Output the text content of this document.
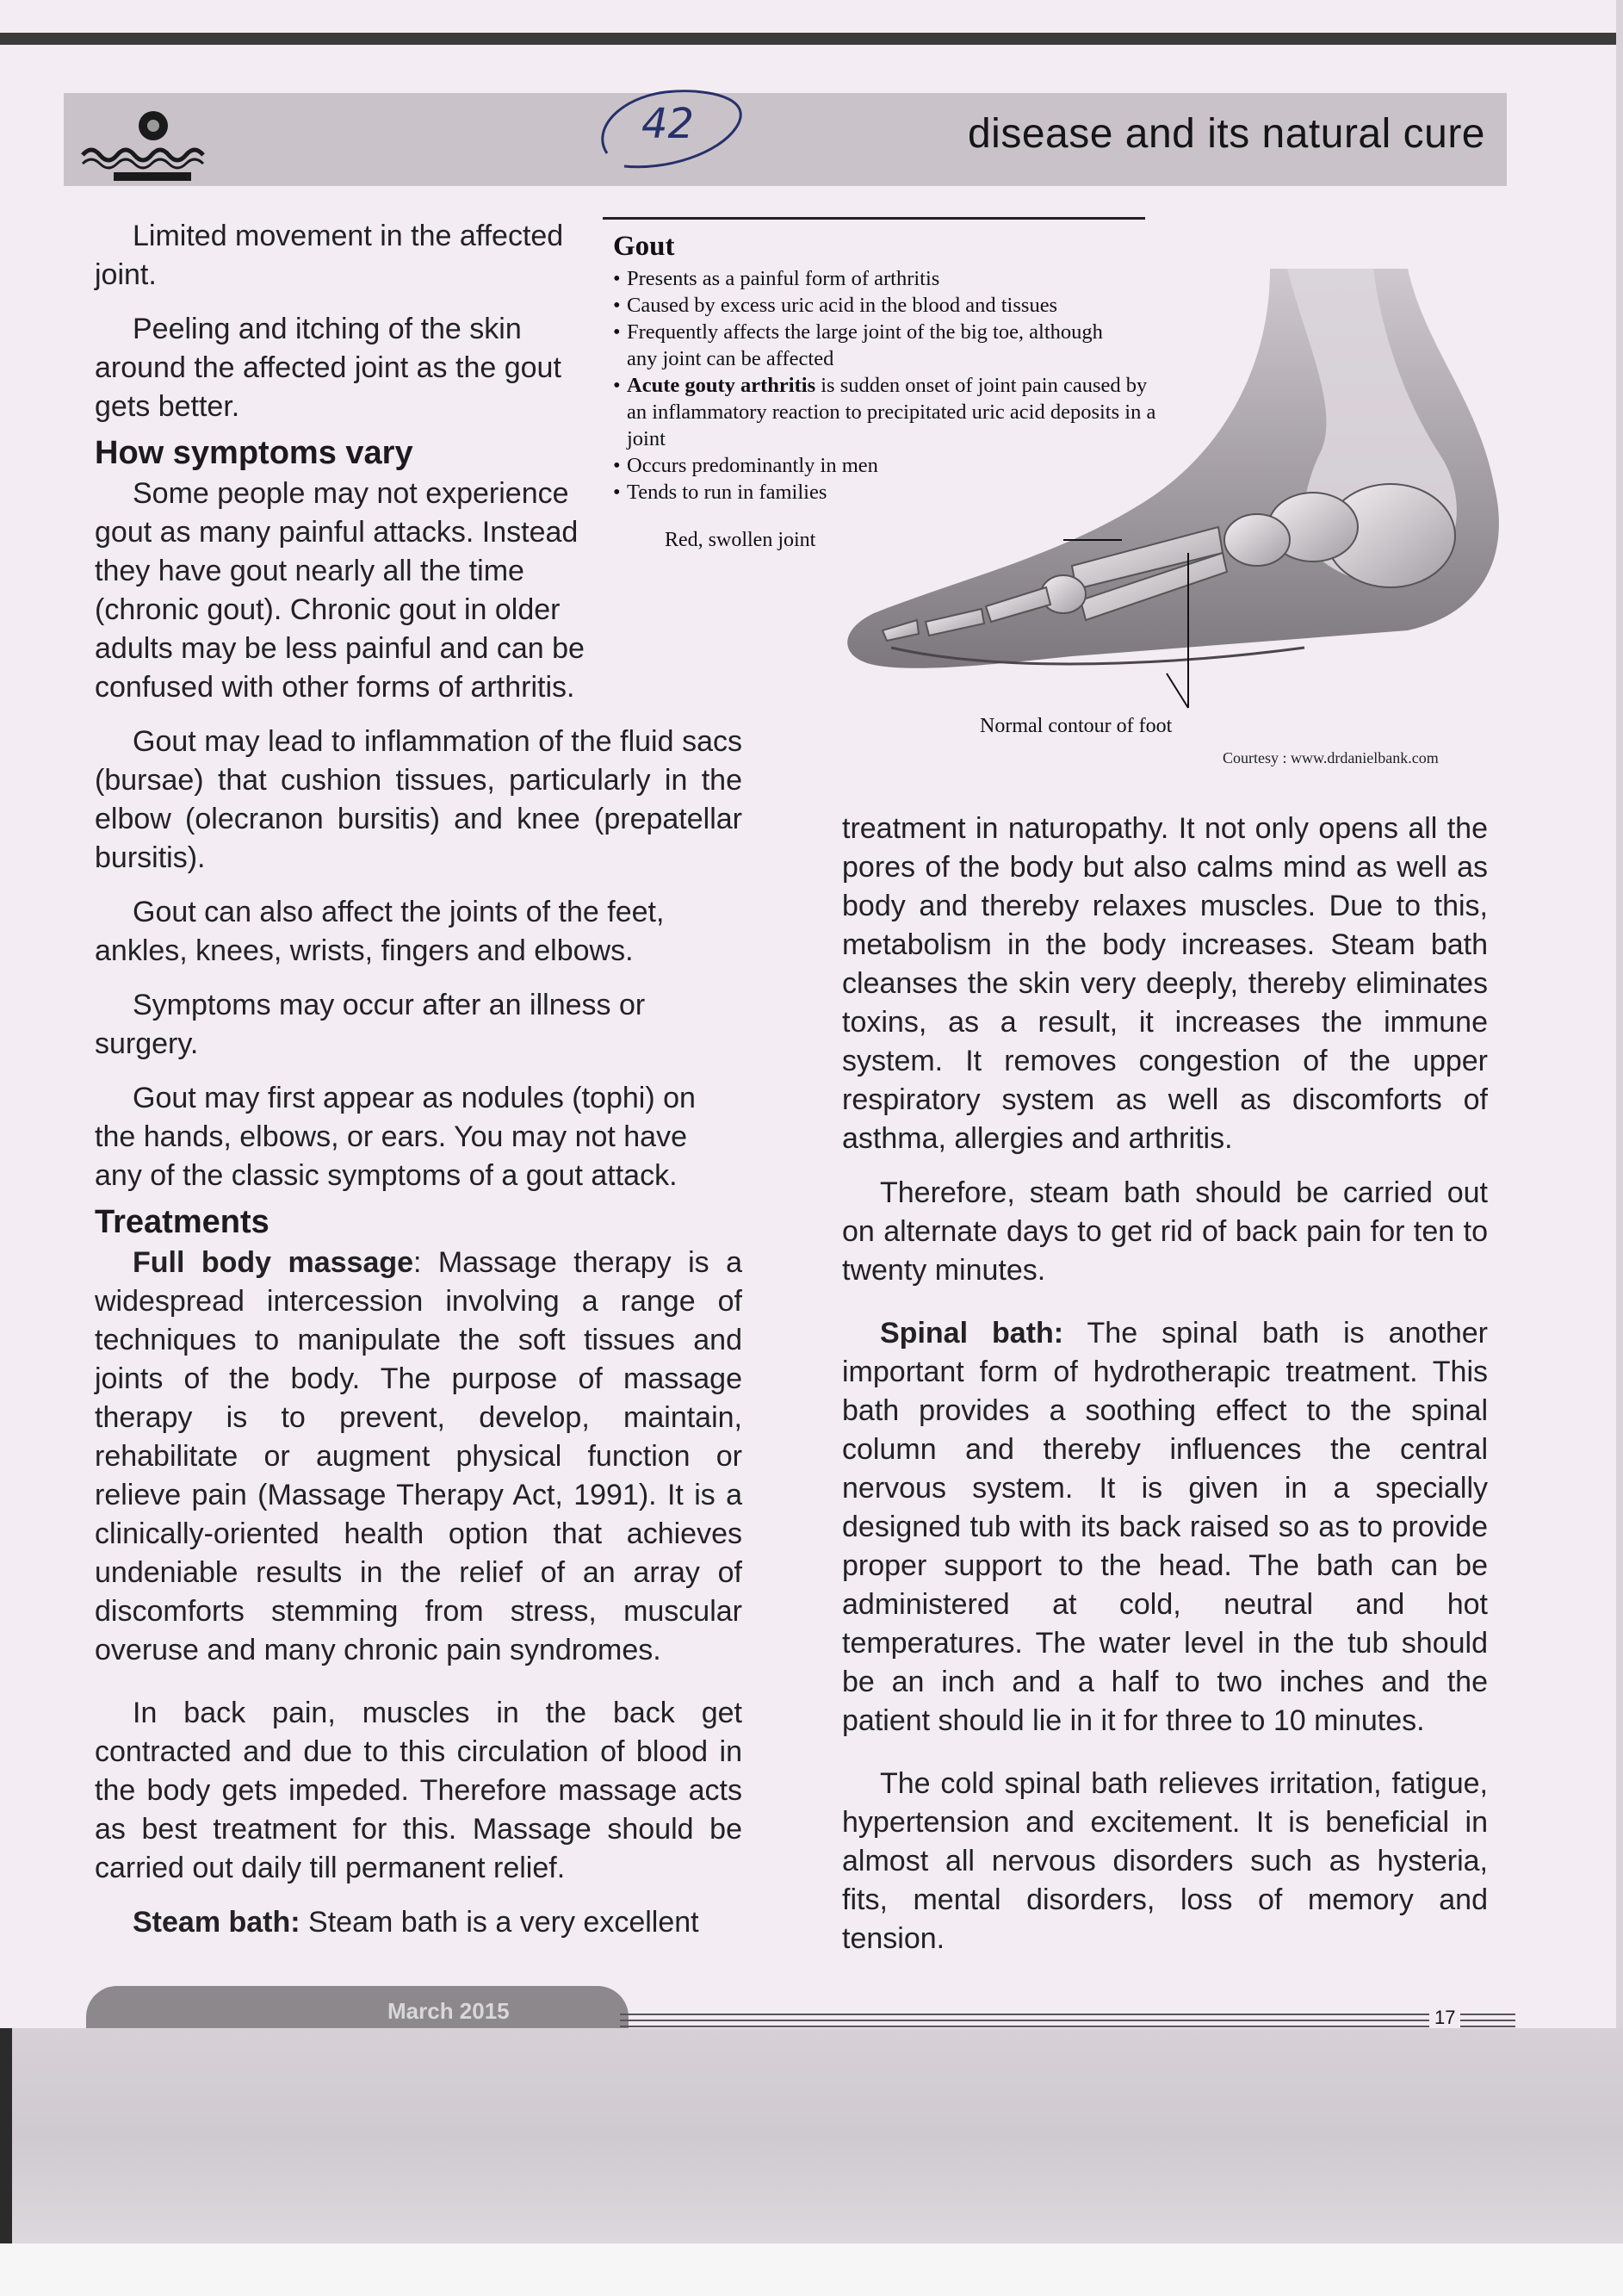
disease and its natural cure
42

Limited movement in the affected joint.

Peeling and itching of the skin around the affected joint as the gout gets better.

How symptoms vary

Some people may not experience gout as many painful attacks. Instead they have gout nearly all the time (chronic gout). Chronic gout in older adults may be less painful and can be confused with other forms of arthritis.

Gout may lead to inflammation of the fluid sacs (bursae) that cushion tissues, particularly in the elbow (olecranon bursitis) and knee (prepatellar bursitis).

Gout can also affect the joints of the feet, ankles, knees, wrists, fingers and elbows.

Symptoms may occur after an illness or surgery.

Gout may first appear as nodules (tophi) on the hands, elbows, or ears. You may not have any of the classic symptoms of a gout attack.

Treatments

Full body massage: Massage therapy is a widespread intercession involving a range of techniques to manipulate the soft tissues and joints of the body. The purpose of massage therapy is to prevent, develop, maintain, rehabilitate or augment physical function or relieve pain (Massage Therapy Act, 1991). It is a clinically-oriented health option that achieves undeniable results in the relief of an array of discomforts stemming from stress, muscular overuse and many chronic pain syndromes.

In back pain, muscles in the back get contracted and due to this circulation of blood in the body gets impeded. Therefore massage acts as best treatment for this. Massage should be carried out daily till permanent relief.

Steam bath: Steam bath is a very excellent

Gout
• Presents as a painful form of arthritis
• Caused by excess uric acid in the blood and tissues
• Frequently affects the large joint of the big toe, although any joint can be affected
• Acute gouty arthritis is sudden onset of joint pain caused by an inflammatory reaction to precipitated uric acid deposits in a joint
• Occurs predominantly in men
• Tends to run in families
Red, swollen joint
Normal contour of foot
Courtesy : www.drdanielbank.com

treatment in naturopathy. It not only opens all the pores of the body but also calms mind as well as body and thereby relaxes muscles. Due to this, metabolism in the body increases. Steam bath cleanses the skin very deeply, thereby eliminates toxins, as a result, it increases the immune system. It removes congestion of the upper respiratory system as well as discomforts of asthma, allergies and arthritis.

Therefore, steam bath should be carried out on alternate days to get rid of back pain for ten to twenty minutes.

Spinal bath: The spinal bath is another important form of hydrotherapic treatment. This bath provides a soothing effect to the spinal column and thereby influences the central nervous system. It is given in a specially designed tub with its back raised so as to provide proper support to the head. The bath can be administered at cold, neutral and hot temperatures. The water level in the tub should be an inch and a half to two inches and the patient should lie in it for three to 10 minutes.

The cold spinal bath relieves irritation, fatigue, hypertension and excitement. It is beneficial in almost all nervous disorders such as hysteria, fits, mental disorders, loss of memory and tension.

March 2015	17
